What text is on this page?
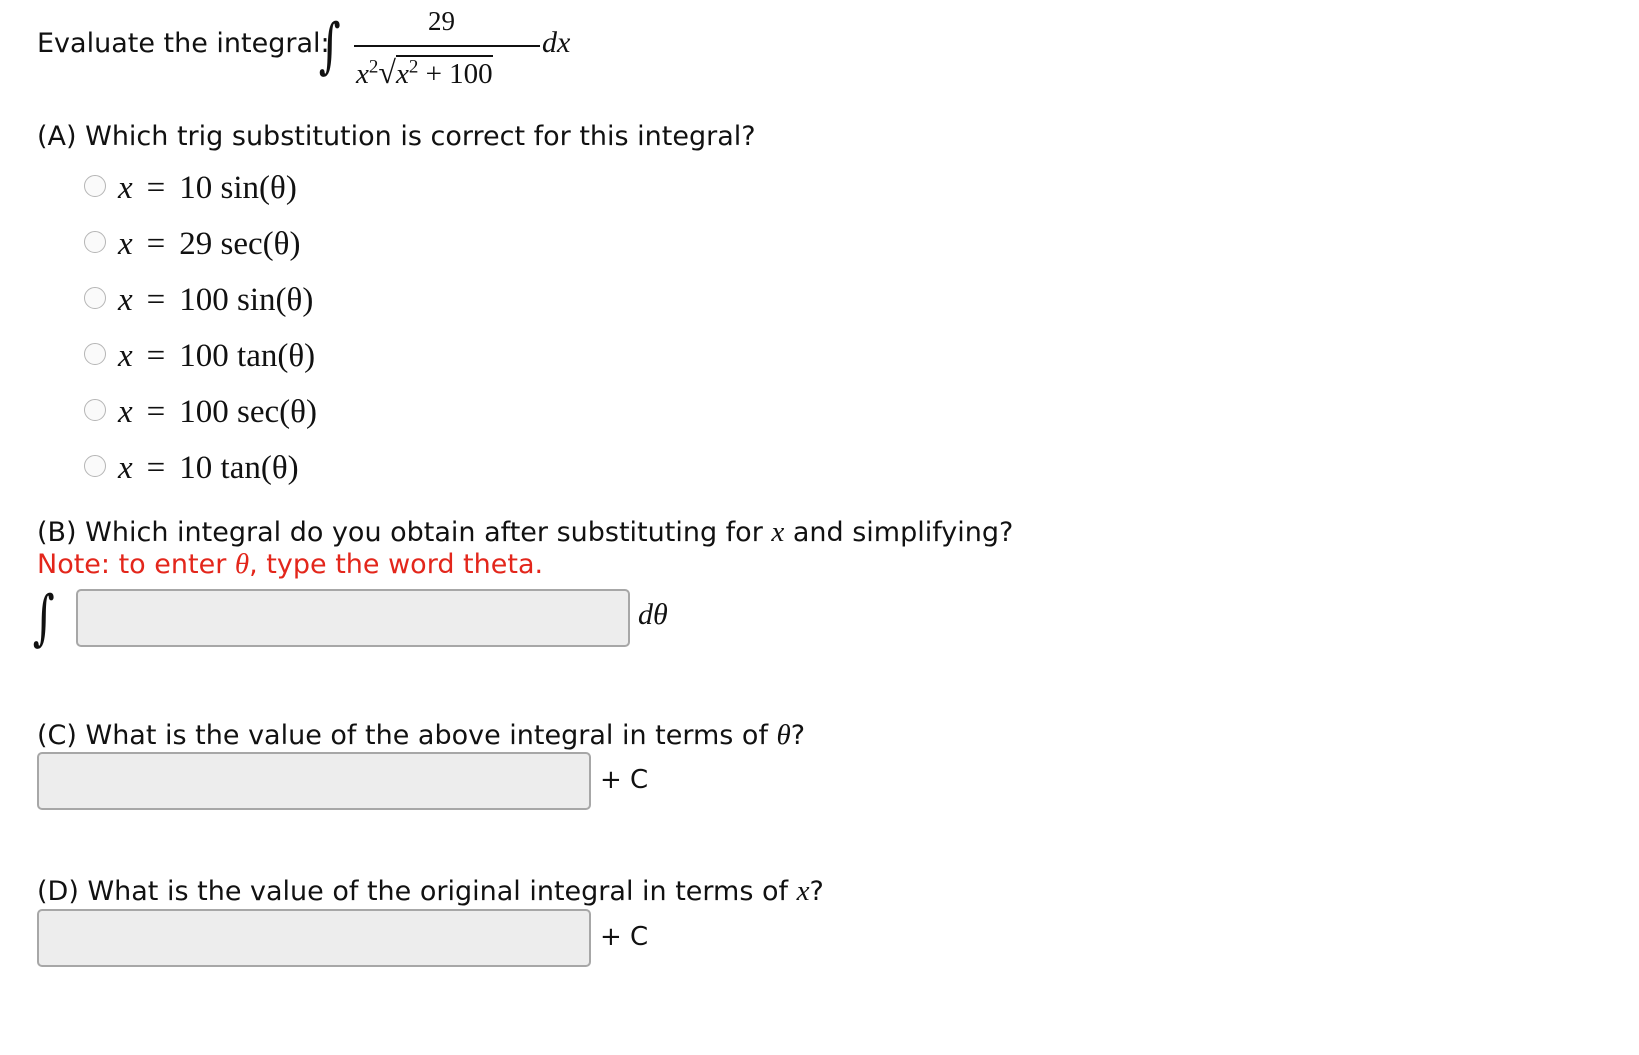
Evaluate the integral:
∫	29
dx
$x^2√x^2 + 100$
(A) Which trig substitution is correct for this integral?
x = 10 sin(θ)
x = 29 sec(θ)
x = 100 sin(θ)
x = 100 tan(θ)
x = 100 sec(θ)
x = 10 tan(θ)
(B) Which integral do you obtain after substituting for x and simplifying?
Note: to enter θ, type the word theta.
∫	dθ
(C) What is the value of the above integral in terms of θ?
+ C
(D) What is the value of the original integral in terms of x?
+ C
